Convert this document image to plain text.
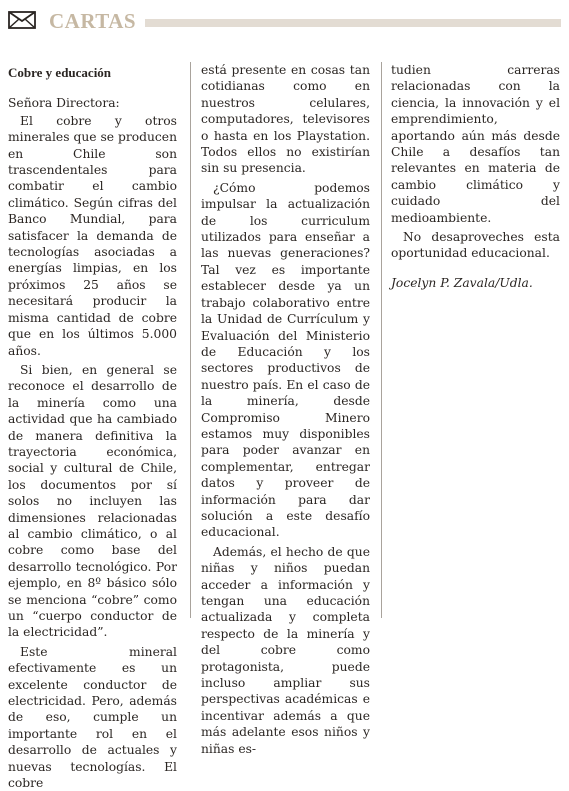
CARTAS
Cobre y educación
Señora Directora:

El cobre y otros minerales que se producen en Chile son trascendentales para combatir el cambio climático. Según cifras del Banco Mundial, para satisfacer la demanda de tecnologías asociadas a energías limpias, en los próximos 25 años se necesitará producir la misma cantidad de cobre que en los últimos 5.000 años.

Si bien, en general se reconoce el desarrollo de la minería como una actividad que ha cambiado de manera definitiva la trayectoria económica, social y cultural de Chile, los documentos por sí solos no incluyen las dimensiones relacionadas al cambio climático, o al cobre como base del desarrollo tecnológico. Por ejemplo, en 8º básico sólo se menciona “cobre” como un “cuerpo conductor de la electricidad”.

Este mineral efectivamente es un excelente conductor de electricidad. Pero, además de eso, cumple un importante rol en el desarrollo de actuales y nuevas tecnologías. El cobre

está presente en cosas tan cotidianas como en nuestros celulares, computadores, televisores o hasta en los Playstation. Todos ellos no existirían sin su presencia.

¿Cómo podemos impulsar la actualización de los curriculum utilizados para enseñar a las nuevas generaciones? Tal vez es importante establecer desde ya un trabajo colaborativo entre la Unidad de Currículum y Evaluación del Ministerio de Educación y los sectores productivos de nuestro país. En el caso de la minería, desde Compromiso Minero estamos muy disponibles para poder avanzar en complementar, entregar datos y proveer de información para dar solución a este desafío educacional.

Además, el hecho de que niñas y niños puedan acceder a información y tengan una educación actualizada y completa respecto de la minería y del cobre como protagonista, puede incluso ampliar sus perspectivas académicas e incentivar además a que más adelante esos niños y niñas es-

tudien carreras relacionadas con la ciencia, la innovación y el emprendimiento, aportando aún más desde Chile a desafíos tan relevantes en materia de cambio climático y cuidado del medioambiente.

No desaproveches esta oportunidad educacional.

Jocelyn P. Zavala/Udla.
